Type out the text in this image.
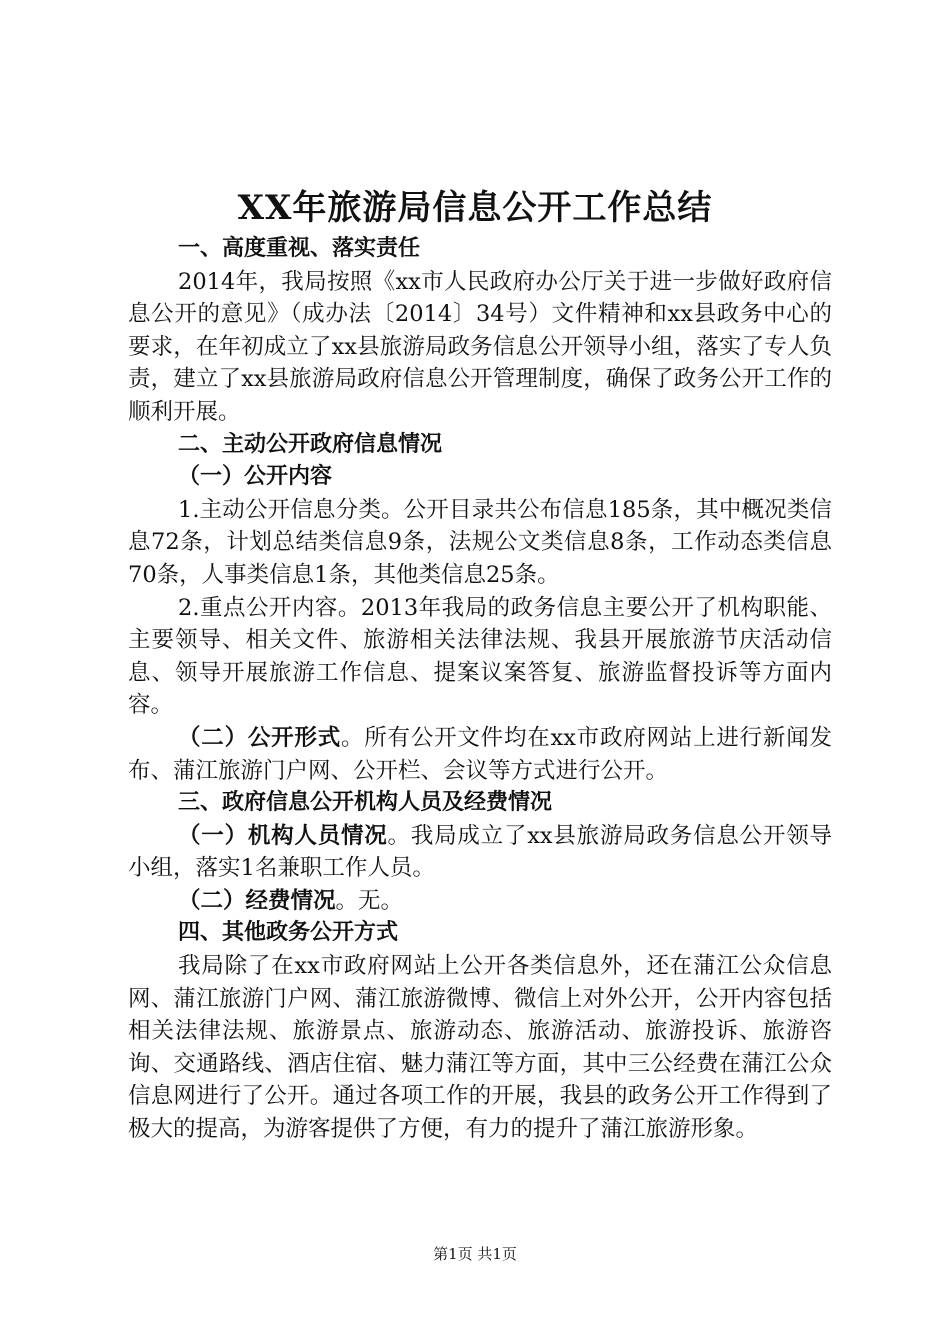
XX年旅游局信息公开工作总结

一、高度重视、落实责任

2014年，我局按照《xx市人民政府办公厅关于进一步做好政府信息公开的意见》（成办法〔2014〕34号）文件精神和xx县政务中心的要求，在年初成立了xx县旅游局政务信息公开领导小组，落实了专人负责，建立了xx县旅游局政府信息公开管理制度，确保了政务公开工作的顺利开展。

二、主动公开政府信息情况

（一）公开内容

1.主动公开信息分类。公开目录共公布信息185条，其中概况类信息72条，计划总结类信息9条，法规公文类信息8条，工作动态类信息70条，人事类信息1条，其他类信息25条。

2.重点公开内容。2013年我局的政务信息主要公开了机构职能、主要领导、相关文件、旅游相关法律法规、我县开展旅游节庆活动信息、领导开展旅游工作信息、提案议案答复、旅游监督投诉等方面内容。

（二）公开形式。所有公开文件均在xx市政府网站上进行新闻发布、蒲江旅游门户网、公开栏、会议等方式进行公开。

三、政府信息公开机构人员及经费情况

（一）机构人员情况。我局成立了xx县旅游局政务信息公开领导小组，落实1名兼职工作人员。

（二）经费情况。无。

四、其他政务公开方式

我局除了在xx市政府网站上公开各类信息外，还在蒲江公众信息网、蒲江旅游门户网、蒲江旅游微博、微信上对外公开，公开内容包括相关法律法规、旅游景点、旅游动态、旅游活动、旅游投诉、旅游咨询、交通路线、酒店住宿、魅力蒲江等方面，其中三公经费在蒲江公众信息网进行了公开。通过各项工作的开展，我县的政务公开工作得到了极大的提高，为游客提供了方便，有力的提升了蒲江旅游形象。

第1页 共1页
